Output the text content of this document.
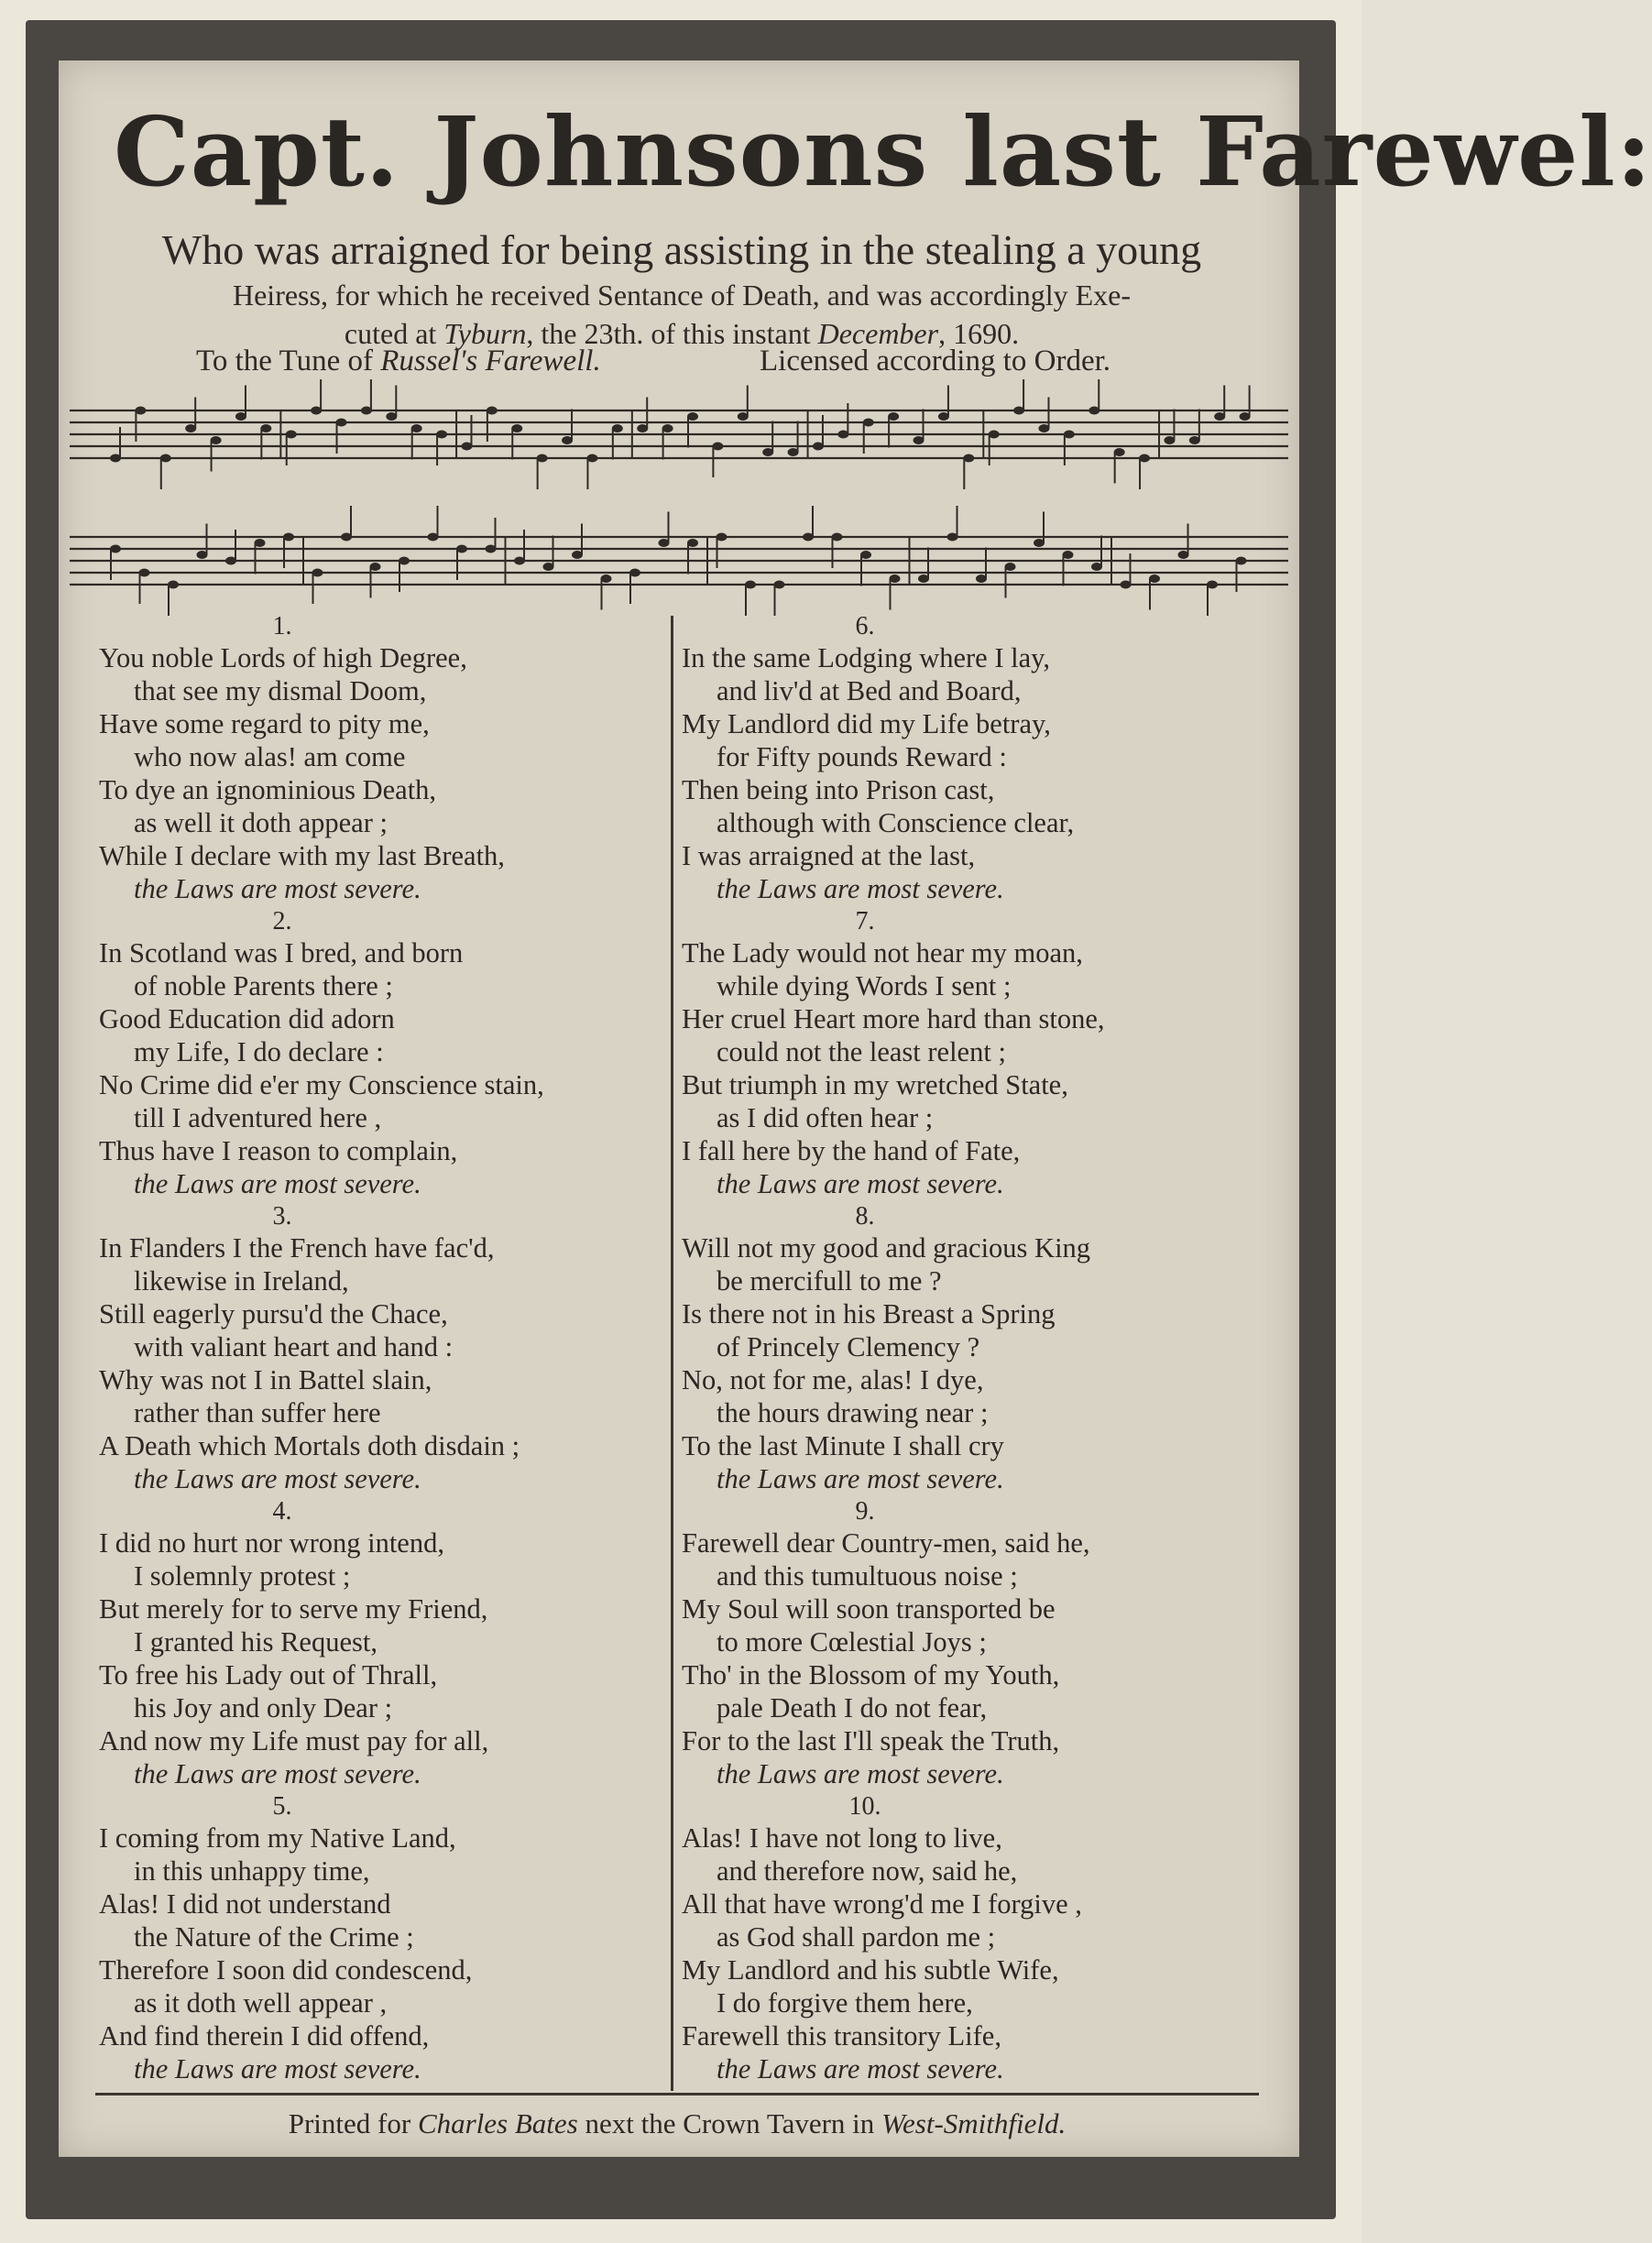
Capt. Johnsons last Farewel:
Who was arraigned for being assisting in the stealing a young
Heiress, for which he received Sentance of Death, and was accordingly Exe-
cuted at Tyburn, the 23th. of this instant December, 1690.
To the Tune of Russel's Farewell.	Licensed according to Order.
1.
You noble Lords of high Degree,
that see my dismal Doom,
Have some regard to pity me,
who now alas! am come
To dye an ignominious Death,
as well it doth appear ;
While I declare with my last Breath,
the Laws are most severe.
2.
In Scotland was I bred, and born
of noble Parents there ;
Good Education did adorn
my Life, I do declare :
No Crime did e'er my Conscience stain,
till I adventured here ,
Thus have I reason to complain,
the Laws are most severe.
3.
In Flanders I the French have fac'd,
likewise in Ireland,
Still eagerly pursu'd the Chace,
with valiant heart and hand :
Why was not I in Battel slain,
rather than suffer here
A Death which Mortals doth disdain ;
the Laws are most severe.
4.
I did no hurt nor wrong intend,
I solemnly protest ;
But merely for to serve my Friend,
I granted his Request,
To free his Lady out of Thrall,
his Joy and only Dear ;
And now my Life must pay for all,
the Laws are most severe.
5.
I coming from my Native Land,
in this unhappy time,
Alas! I did not understand
the Nature of the Crime ;
Therefore I soon did condescend,
as it doth well appear ,
And find therein I did offend,
the Laws are most severe.
6.
In the same Lodging where I lay,
and liv'd at Bed and Board,
My Landlord did my Life betray,
for Fifty pounds Reward :
Then being into Prison cast,
although with Conscience clear,
I was arraigned at the last,
the Laws are most severe.
7.
The Lady would not hear my moan,
while dying Words I sent ;
Her cruel Heart more hard than stone,
could not the least relent ;
But triumph in my wretched State,
as I did often hear ;
I fall here by the hand of Fate,
the Laws are most severe.
8.
Will not my good and gracious King
be mercifull to me ?
Is there not in his Breast a Spring
of Princely Clemency ?
No, not for me, alas! I dye,
the hours drawing near ;
To the last Minute I shall cry
the Laws are most severe.
9.
Farewell dear Country-men, said he,
and this tumultuous noise ;
My Soul will soon transported be
to more Cœlestial Joys ;
Tho' in the Blossom of my Youth,
pale Death I do not fear,
For to the last I'll speak the Truth,
the Laws are most severe.
10.
Alas! I have not long to live,
and therefore now, said he,
All that have wrong'd me I forgive ,
as God shall pardon me ;
My Landlord and his subtle Wife,
I do forgive them here,
Farewell this transitory Life,
the Laws are most severe.
Printed for Charles Bates next the Crown Tavern in West-Smithfield.
